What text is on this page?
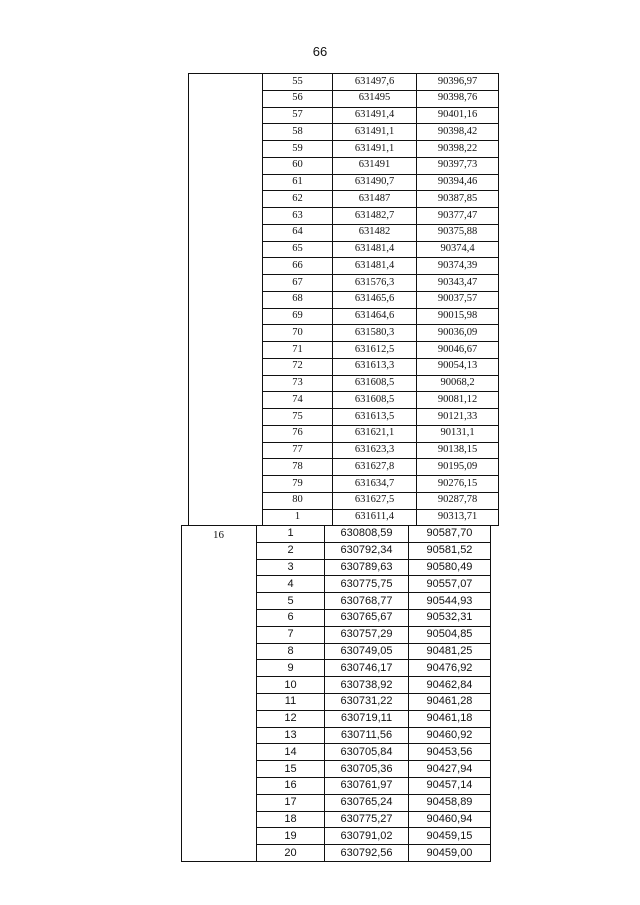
66
55	631497,6	90396,97
56	631495	90398,76
57	631491,4	90401,16
58	631491,1	90398,42
59	631491,1	90398,22
60	631491	90397,73
61	631490,7	90394,46
62	631487	90387,85
63	631482,7	90377,47
64	631482	90375,88
65	631481,4	90374,4
66	631481,4	90374,39
67	631576,3	90343,47
68	631465,6	90037,57
69	631464,6	90015,98
70	631580,3	90036,09
71	631612,5	90046,67
72	631613,3	90054,13
73	631608,5	90068,2
74	631608,5	90081,12
75	631613,5	90121,33
76	631621,1	90131,1
77	631623,3	90138,15
78	631627,8	90195,09
79	631634,7	90276,15
80	631627,5	90287,78
1	631611,4	90313,71
16	1	630808,59	90587,70
2	630792,34	90581,52
3	630789,63	90580,49
4	630775,75	90557,07
5	630768,77	90544,93
6	630765,67	90532,31
7	630757,29	90504,85
8	630749,05	90481,25
9	630746,17	90476,92
10	630738,92	90462,84
11	630731,22	90461,28
12	630719,11	90461,18
13	630711,56	90460,92
14	630705,84	90453,56
15	630705,36	90427,94
16	630761,97	90457,14
17	630765,24	90458,89
18	630775,27	90460,94
19	630791,02	90459,15
20	630792,56	90459,00
